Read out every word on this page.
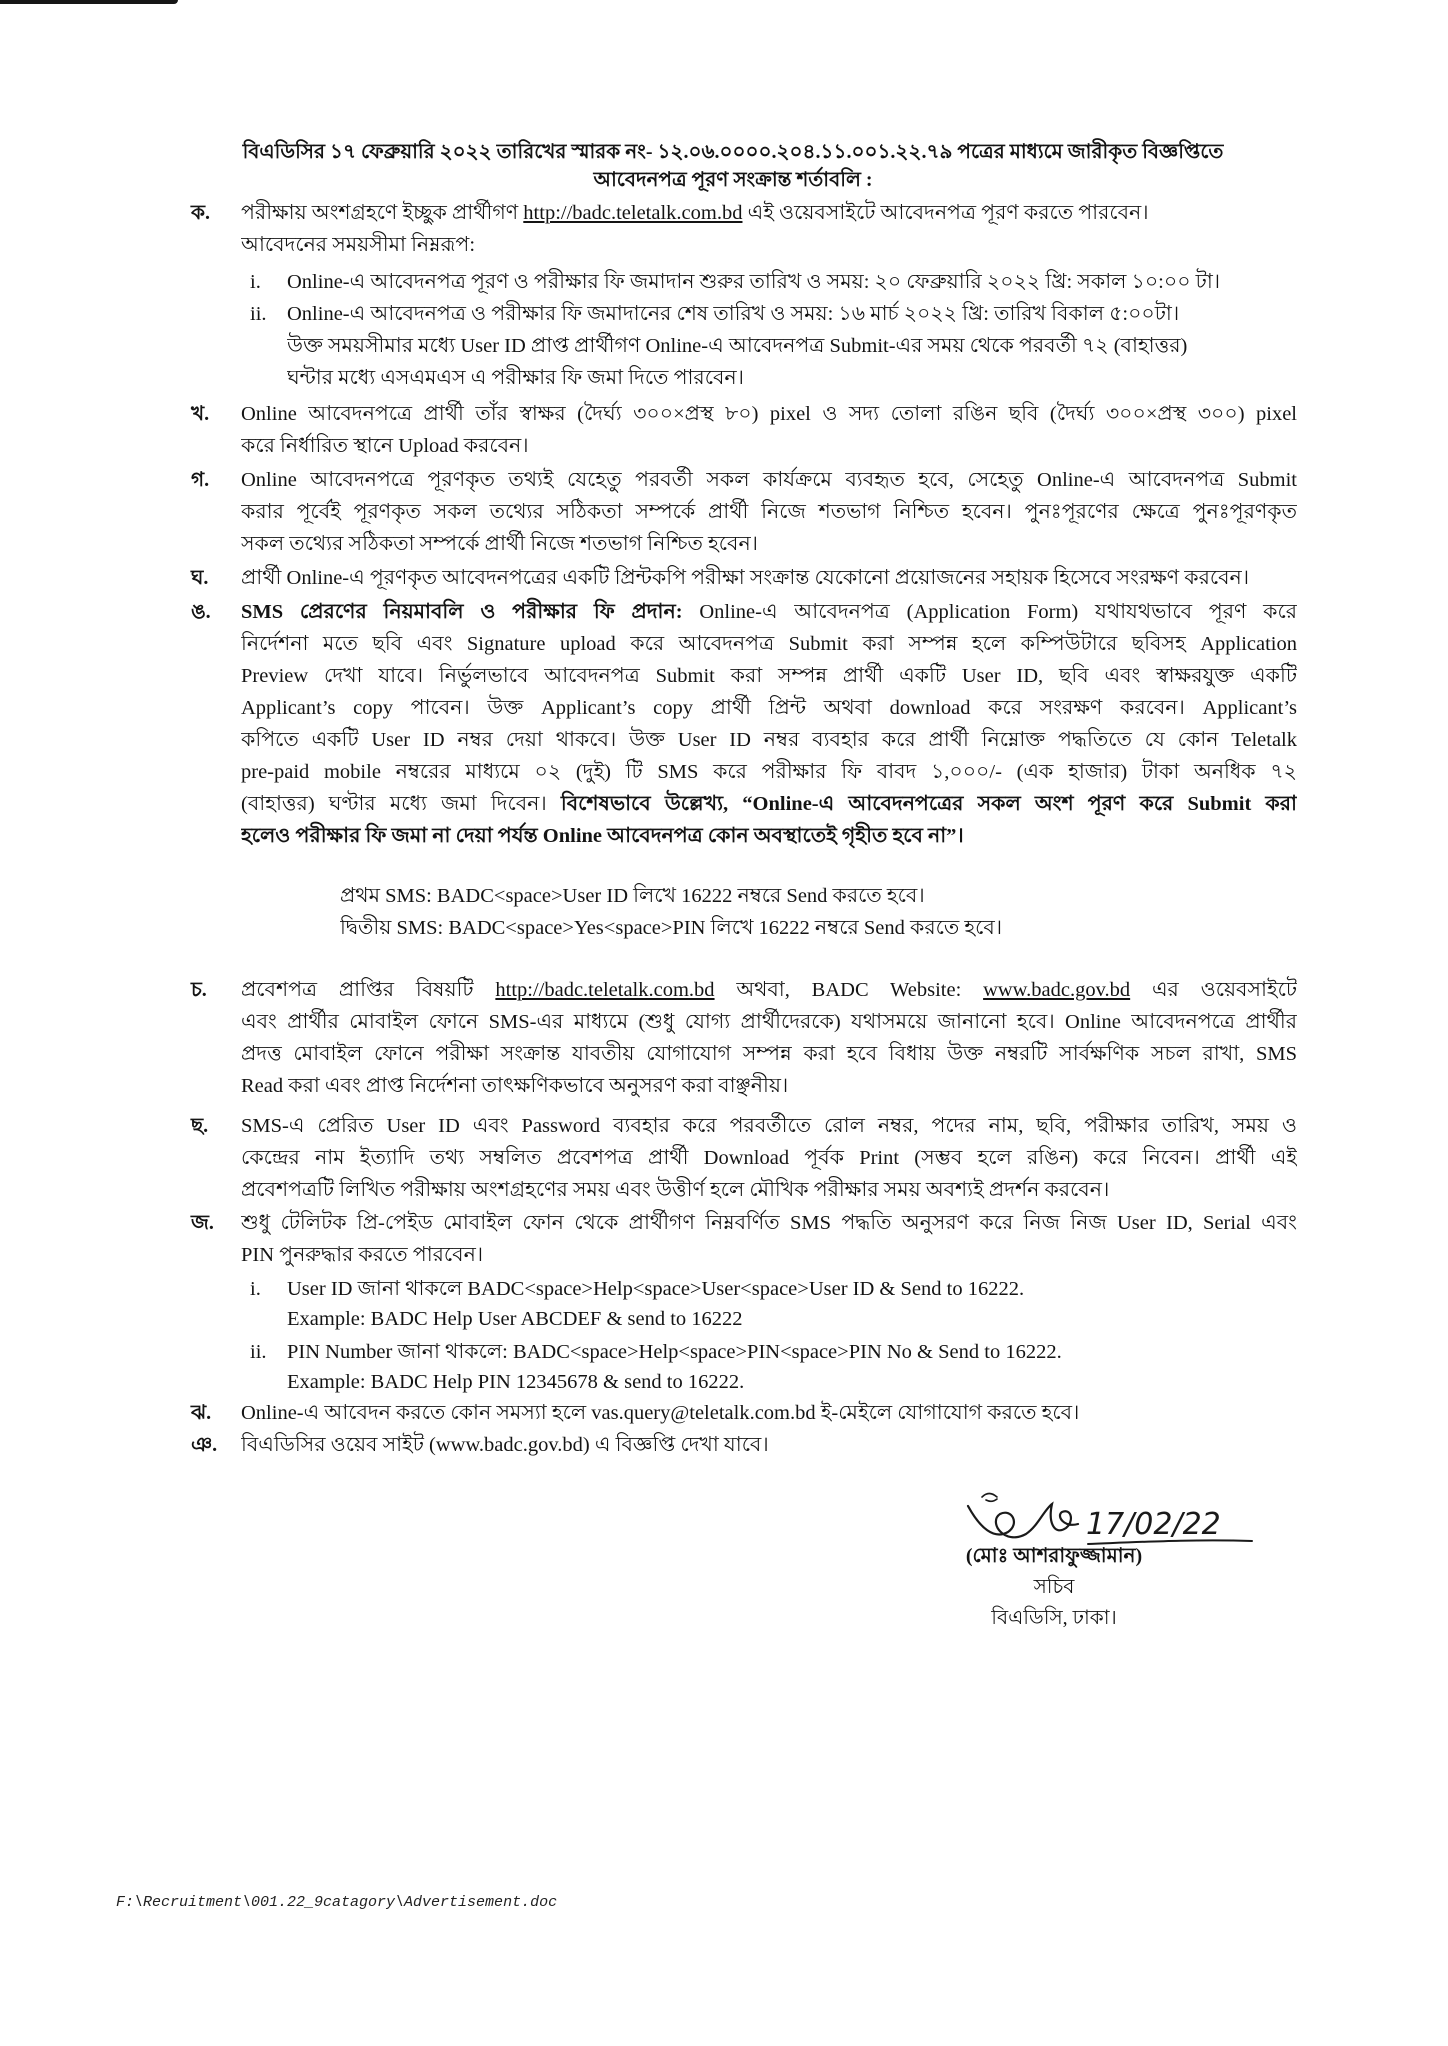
বিএডিসির ১৭ ফেব্রুয়ারি ২০২২ তারিখের স্মারক নং- ১২.০৬.০০০০.২০৪.১১.০০১.২২.৭৯ পত্রের মাধ্যমে জারীকৃত বিজ্ঞপ্তিতে
আবেদনপত্র পূরণ সংক্রান্ত শর্তাবলি :
ক.	পরীক্ষায় অংশগ্রহণে ইচ্ছুক প্রার্থীগণ http://badc.teletalk.com.bd এই ওয়েবসাইটে আবেদনপত্র পূরণ করতে পারবেন।
আবেদনের সময়সীমা নিম্নরূপ:
i. Online-এ আবেদনপত্র পূরণ ও পরীক্ষার ফি জমাদান শুরুর তারিখ ও সময়: ২০ ফেব্রুয়ারি ২০২২ খ্রি: সকাল ১০:০০ টা।
ii. Online-এ আবেদনপত্র ও পরীক্ষার ফি জমাদানের শেষ তারিখ ও সময়: ১৬ মার্চ ২০২২ খ্রি: তারিখ বিকাল ৫:০০টা।
উক্ত সময়সীমার মধ্যে User ID প্রাপ্ত প্রার্থীগণ Online-এ আবেদনপত্র Submit-এর সময় থেকে পরবর্তী ৭২ (বাহাত্তর)
ঘন্টার মধ্যে এসএমএস এ পরীক্ষার ফি জমা দিতে পারবেন।
খ.	Online আবেদনপত্রে প্রার্থী তাঁর স্বাক্ষর (দৈর্ঘ্য ৩০০×প্রস্থ ৮০) pixel ও সদ্য তোলা রঙিন ছবি (দৈর্ঘ্য ৩০০×প্রস্থ ৩০০) pixel
করে নির্ধারিত স্থানে Upload করবেন।
গ.	Online আবেদনপত্রে পূরণকৃত তথ্যই যেহেতু পরবর্তী সকল কার্যক্রমে ব্যবহৃত হবে, সেহেতু Online-এ আবেদনপত্র Submit
করার পূর্বেই পূরণকৃত সকল তথ্যের সঠিকতা সম্পর্কে প্রার্থী নিজে শতভাগ নিশ্চিত হবেন। পুনঃপূরণের ক্ষেত্রে পুনঃপূরণকৃত
সকল তথ্যের সঠিকতা সম্পর্কে প্রার্থী নিজে শতভাগ নিশ্চিত হবেন।
ঘ.	প্রার্থী Online-এ পূরণকৃত আবেদনপত্রের একটি প্রিন্টকপি পরীক্ষা সংক্রান্ত যেকোনো প্রয়োজনের সহায়ক হিসেবে সংরক্ষণ করবেন।
ঙ.	SMS প্রেরণের নিয়মাবলি ও পরীক্ষার ফি প্রদান: Online-এ আবেদনপত্র (Application Form) যথাযথভাবে পূরণ করে
নির্দেশনা মতে ছবি এবং Signature upload করে আবেদনপত্র Submit করা সম্পন্ন হলে কম্পিউটারে ছবিসহ Application
Preview দেখা যাবে। নির্ভুলভাবে আবেদনপত্র Submit করা সম্পন্ন প্রার্থী একটি User ID, ছবি এবং স্বাক্ষরযুক্ত একটি
Applicant’s copy পাবেন। উক্ত Applicant’s copy প্রার্থী প্রিন্ট অথবা download করে সংরক্ষণ করবেন। Applicant’s
কপিতে একটি User ID নম্বর দেয়া থাকবে। উক্ত User ID নম্বর ব্যবহার করে প্রার্থী নিম্নোক্ত পদ্ধতিতে যে কোন Teletalk
pre-paid mobile নম্বরের মাধ্যমে ০২ (দুই) টি SMS করে পরীক্ষার ফি বাবদ ১,০০০/- (এক হাজার) টাকা অনধিক ৭২
(বাহাত্তর) ঘণ্টার মধ্যে জমা দিবেন। বিশেষভাবে উল্লেখ্য, “Online-এ আবেদনপত্রের সকল অংশ পূরণ করে Submit করা
হলেও পরীক্ষার ফি জমা না দেয়া পর্যন্ত Online আবেদনপত্র কোন অবস্থাতেই গৃহীত হবে না”।
প্রথম SMS: BADC<space>User ID লিখে 16222 নম্বরে Send করতে হবে।
দ্বিতীয় SMS: BADC<space>Yes<space>PIN লিখে 16222 নম্বরে Send করতে হবে।
চ.	প্রবেশপত্র প্রাপ্তির বিষয়টি http://badc.teletalk.com.bd অথবা, BADC Website: www.badc.gov.bd এর ওয়েবসাইটে
এবং প্রার্থীর মোবাইল ফোনে SMS-এর মাধ্যমে (শুধু যোগ্য প্রার্থীদেরকে) যথাসময়ে জানানো হবে। Online আবেদনপত্রে প্রার্থীর
প্রদত্ত মোবাইল ফোনে পরীক্ষা সংক্রান্ত যাবতীয় যোগাযোগ সম্পন্ন করা হবে বিধায় উক্ত নম্বরটি সার্বক্ষণিক সচল রাখা, SMS
Read করা এবং প্রাপ্ত নির্দেশনা তাৎক্ষণিকভাবে অনুসরণ করা বাঞ্ছনীয়।
ছ.	SMS-এ প্রেরিত User ID এবং Password ব্যবহার করে পরবর্তীতে রোল নম্বর, পদের নাম, ছবি, পরীক্ষার তারিখ, সময় ও
কেন্দ্রের নাম ইত্যাদি তথ্য সম্বলিত প্রবেশপত্র প্রার্থী Download পূর্বক Print (সম্ভব হলে রঙিন) করে নিবেন। প্রার্থী এই
প্রবেশপত্রটি লিখিত পরীক্ষায় অংশগ্রহণের সময় এবং উত্তীর্ণ হলে মৌখিক পরীক্ষার সময় অবশ্যই প্রদর্শন করবেন।
জ.	শুধু টেলিটক প্রি-পেইড মোবাইল ফোন থেকে প্রার্থীগণ নিম্নবর্ণিত SMS পদ্ধতি অনুসরণ করে নিজ নিজ User ID, Serial এবং
PIN পুনরুদ্ধার করতে পারবেন।
i. User ID জানা থাকলে BADC<space>Help<space>User<space>User ID & Send to 16222.
Example: BADC Help User ABCDEF & send to 16222
ii. PIN Number জানা থাকলে: BADC<space>Help<space>PIN<space>PIN No & Send to 16222.
Example: BADC Help PIN 12345678 & send to 16222.
ঝ.	Online-এ আবেদন করতে কোন সমস্যা হলে vas.query@teletalk.com.bd ই-মেইলে যোগাযোগ করতে হবে।
ঞ.	বিএডিসির ওয়েব সাইট (www.badc.gov.bd) এ বিজ্ঞপ্তি দেখা যাবে।
17/02/22
(মোঃ আশরাফুজ্জামান)
সচিব
বিএডিসি, ঢাকা।
F:\Recruitment\001.22_9catagory\Advertisement.doc
